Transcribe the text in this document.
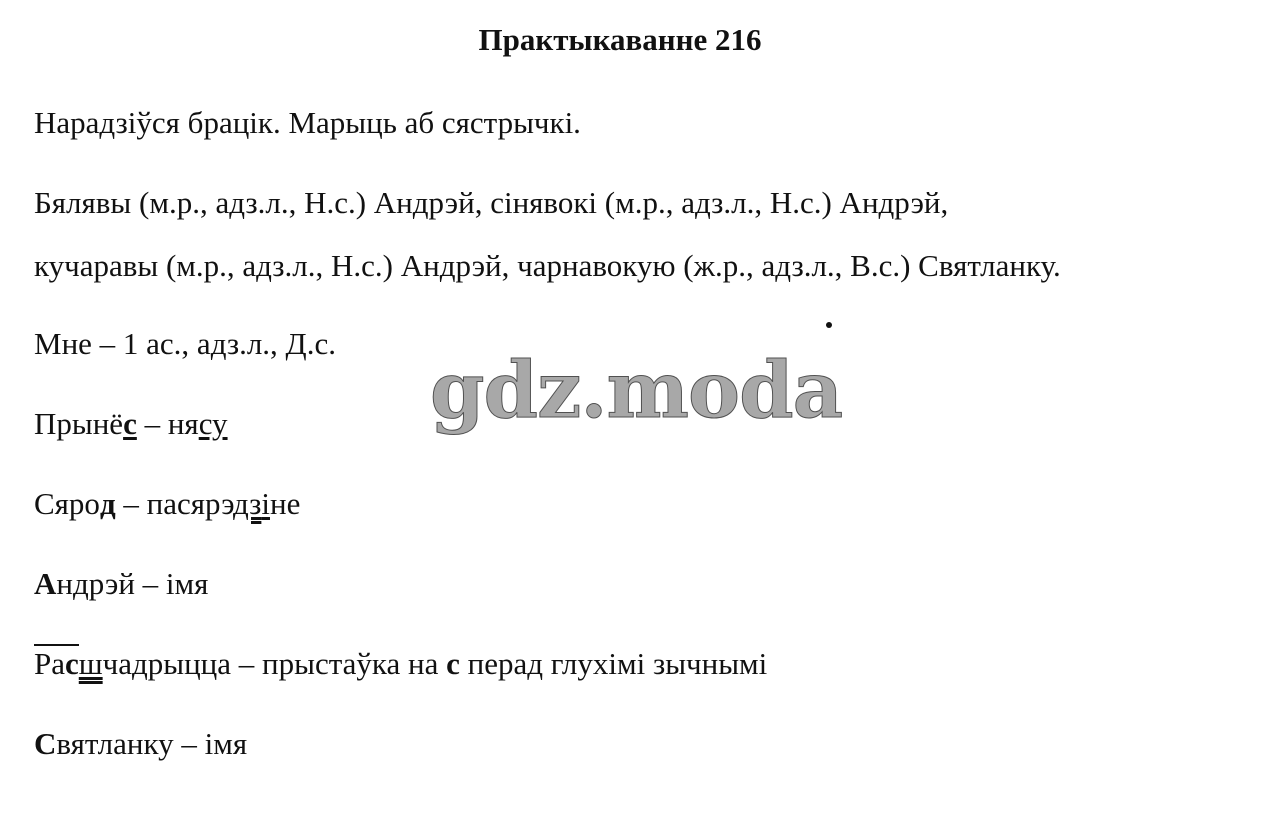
Практыкаванне 216
Нарадзіўся брацік. Марыць аб сястрычкі.
Бялявы (м.р., адз.л., Н.с.) Андрэй, сінявокі (м.р., адз.л., Н.с.) Андрэй,
кучаравы (м.р., адз.л., Н.с.) Андрэй, чарнавокую (ж.р., адз.л., В.с.) Святланку.
Мне – 1 ас., адз.л., Д.с.
Прынёс – нясу
Сярод – пасярэдзіне
Андрэй – імя
Расшчадрыцца – прыстаўка на с перад глухімі зычнымі
Святланку – імя
gdz.moda
